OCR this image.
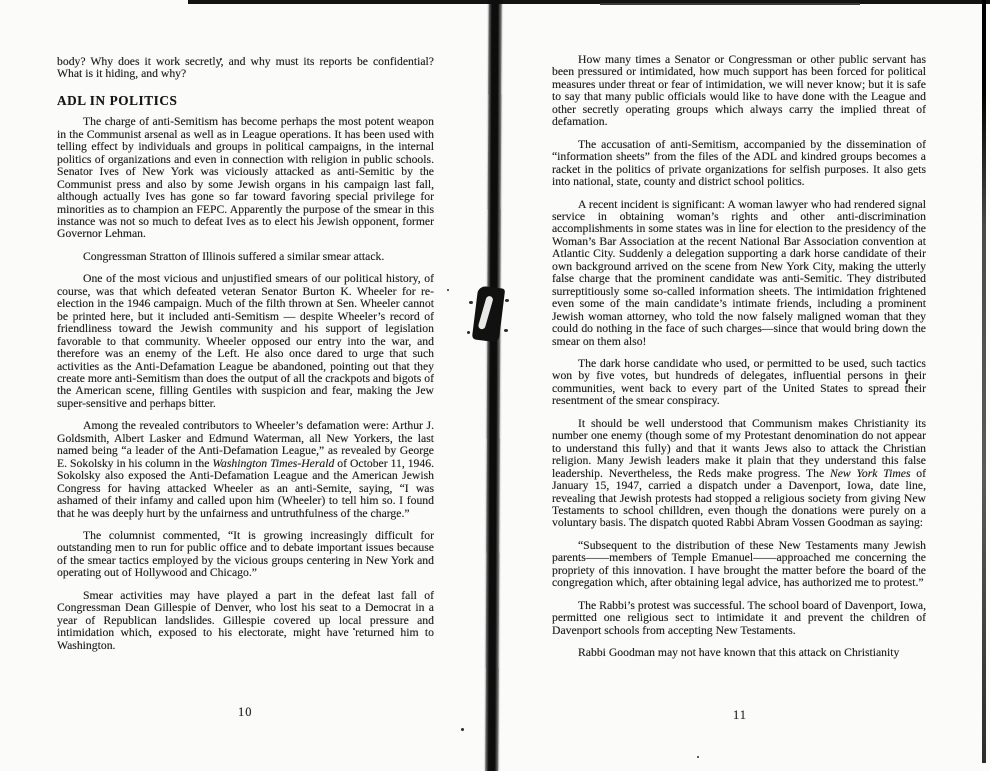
body? Why does it work secretly, and why must its reports be confidential? What is it hiding, and why?

ADL IN POLITICS

The charge of anti-Semitism has become perhaps the most potent weapon in the Communist arsenal as well as in League operations. It has been used with telling effect by individuals and groups in political campaigns, in the internal politics of organizations and even in connection with religion in public schools. Senator Ives of New York was viciously attacked as anti-Semitic by the Communist press and also by some Jewish organs in his campaign last fall, although actually Ives has gone so far toward favoring special privilege for minorities as to champion an FEPC. Apparently the purpose of the smear in this instance was not so much to defeat Ives as to elect his Jewish opponent, former Governor Lehman.

Congressman Stratton of Illinois suffered a similar smear attack.

One of the most vicious and unjustified smears of our political history, of course, was that which defeated veteran Senator Burton K. Wheeler for re-election in the 1946 campaign. Much of the filth thrown at Sen. Wheeler cannot be printed here, but it included anti-Semitism — despite Wheeler’s record of friendliness toward the Jewish community and his support of legislation favorable to that community. Wheeler opposed our entry into the war, and therefore was an enemy of the Left. He also once dared to urge that such activities as the Anti-Defamation League be abandoned, pointing out that they create more anti-Semitism than does the output of all the crackpots and bigots of the American scene, filling Gentiles with suspicion and fear, making the Jew super-sensitive and perhaps bitter.

Among the revealed contributors to Wheeler’s defamation were: Arthur J. Goldsmith, Albert Lasker and Edmund Waterman, all New Yorkers, the last named being “a leader of the Anti-Defamation League,” as revealed by George E. Sokolsky in his column in the Washington Times-Herald of October 11, 1946. Sokolsky also exposed the Anti-Defamation League and the American Jewish Congress for having attacked Wheeler as an anti-Semite, saying, “I was ashamed of their infamy and called upon him (Wheeler) to tell him so. I found that he was deeply hurt by the unfairness and untruthfulness of the charge.”

The columnist commented, “It is growing increasingly difficult for outstanding men to run for public office and to debate important issues because of the smear tactics employed by the vicious groups centering in New York and operating out of Hollywood and Chicago.”

Smear activities may have played a part in the defeat last fall of Congressman Dean Gillespie of Denver, who lost his seat to a Democrat in a year of Republican landslides. Gillespie covered up local pressure and intimidation which, exposed to his electorate, might have returned him to Washington.

10

How many times a Senator or Congressman or other public servant has been pressured or intimidated, how much support has been forced for political measures under threat or fear of intimidation, we will never know; but it is safe to say that many public officials would like to have done with the League and other secretly operating groups which always carry the implied threat of defamation.

The accusation of anti-Semitism, accompanied by the dissemination of “information sheets” from the files of the ADL and kindred groups becomes a racket in the politics of private organizations for selfish purposes. It also gets into national, state, county and district school politics.

A recent incident is significant: A woman lawyer who had rendered signal service in obtaining woman’s rights and other anti-discrimination accomplishments in some states was in line for election to the presidency of the Woman’s Bar Association at the recent National Bar Association convention at Atlantic City. Suddenly a delegation supporting a dark horse candidate of their own background arrived on the scene from New York City, making the utterly false charge that the prominent candidate was anti-Semitic. They distributed surreptitiously some so-called information sheets. The intimidation frightened even some of the main candidate’s intimate friends, including a prominent Jewish woman attorney, who told the now falsely maligned woman that they could do nothing in the face of such charges—since that would bring down the smear on them also!

The dark horse candidate who used, or permitted to be used, such tactics won by five votes, but hundreds of delegates, influential persons in their communities, went back to every part of the United States to spread their resentment of the smear conspiracy.

It should be well understood that Communism makes Christianity its number one enemy (though some of my Protestant denomination do not appear to understand this fully) and that it wants Jews also to attack the Christian religion. Many Jewish leaders make it plain that they understand this false leadership. Nevertheless, the Reds make progress. The New York Times of January 15, 1947, carried a dispatch under a Davenport, Iowa, date line, revealing that Jewish protests had stopped a religious society from giving New Testaments to school chilldren, even though the donations were purely on a voluntary basis. The dispatch quoted Rabbi Abram Vossen Goodman as saying:

“Subsequent to the distribution of these New Testaments many Jewish parents——members of Temple Emanuel——approached me concerning the propriety of this innovation. I have brought the matter before the board of the congregation which, after obtaining legal advice, has authorized me to protest.”

The Rabbi’s protest was successful. The school board of Davenport, Iowa, permitted one religious sect to intimidate it and prevent the children of Davenport schools from accepting New Testaments.

Rabbi Goodman may not have known that this attack on Christianity

11
